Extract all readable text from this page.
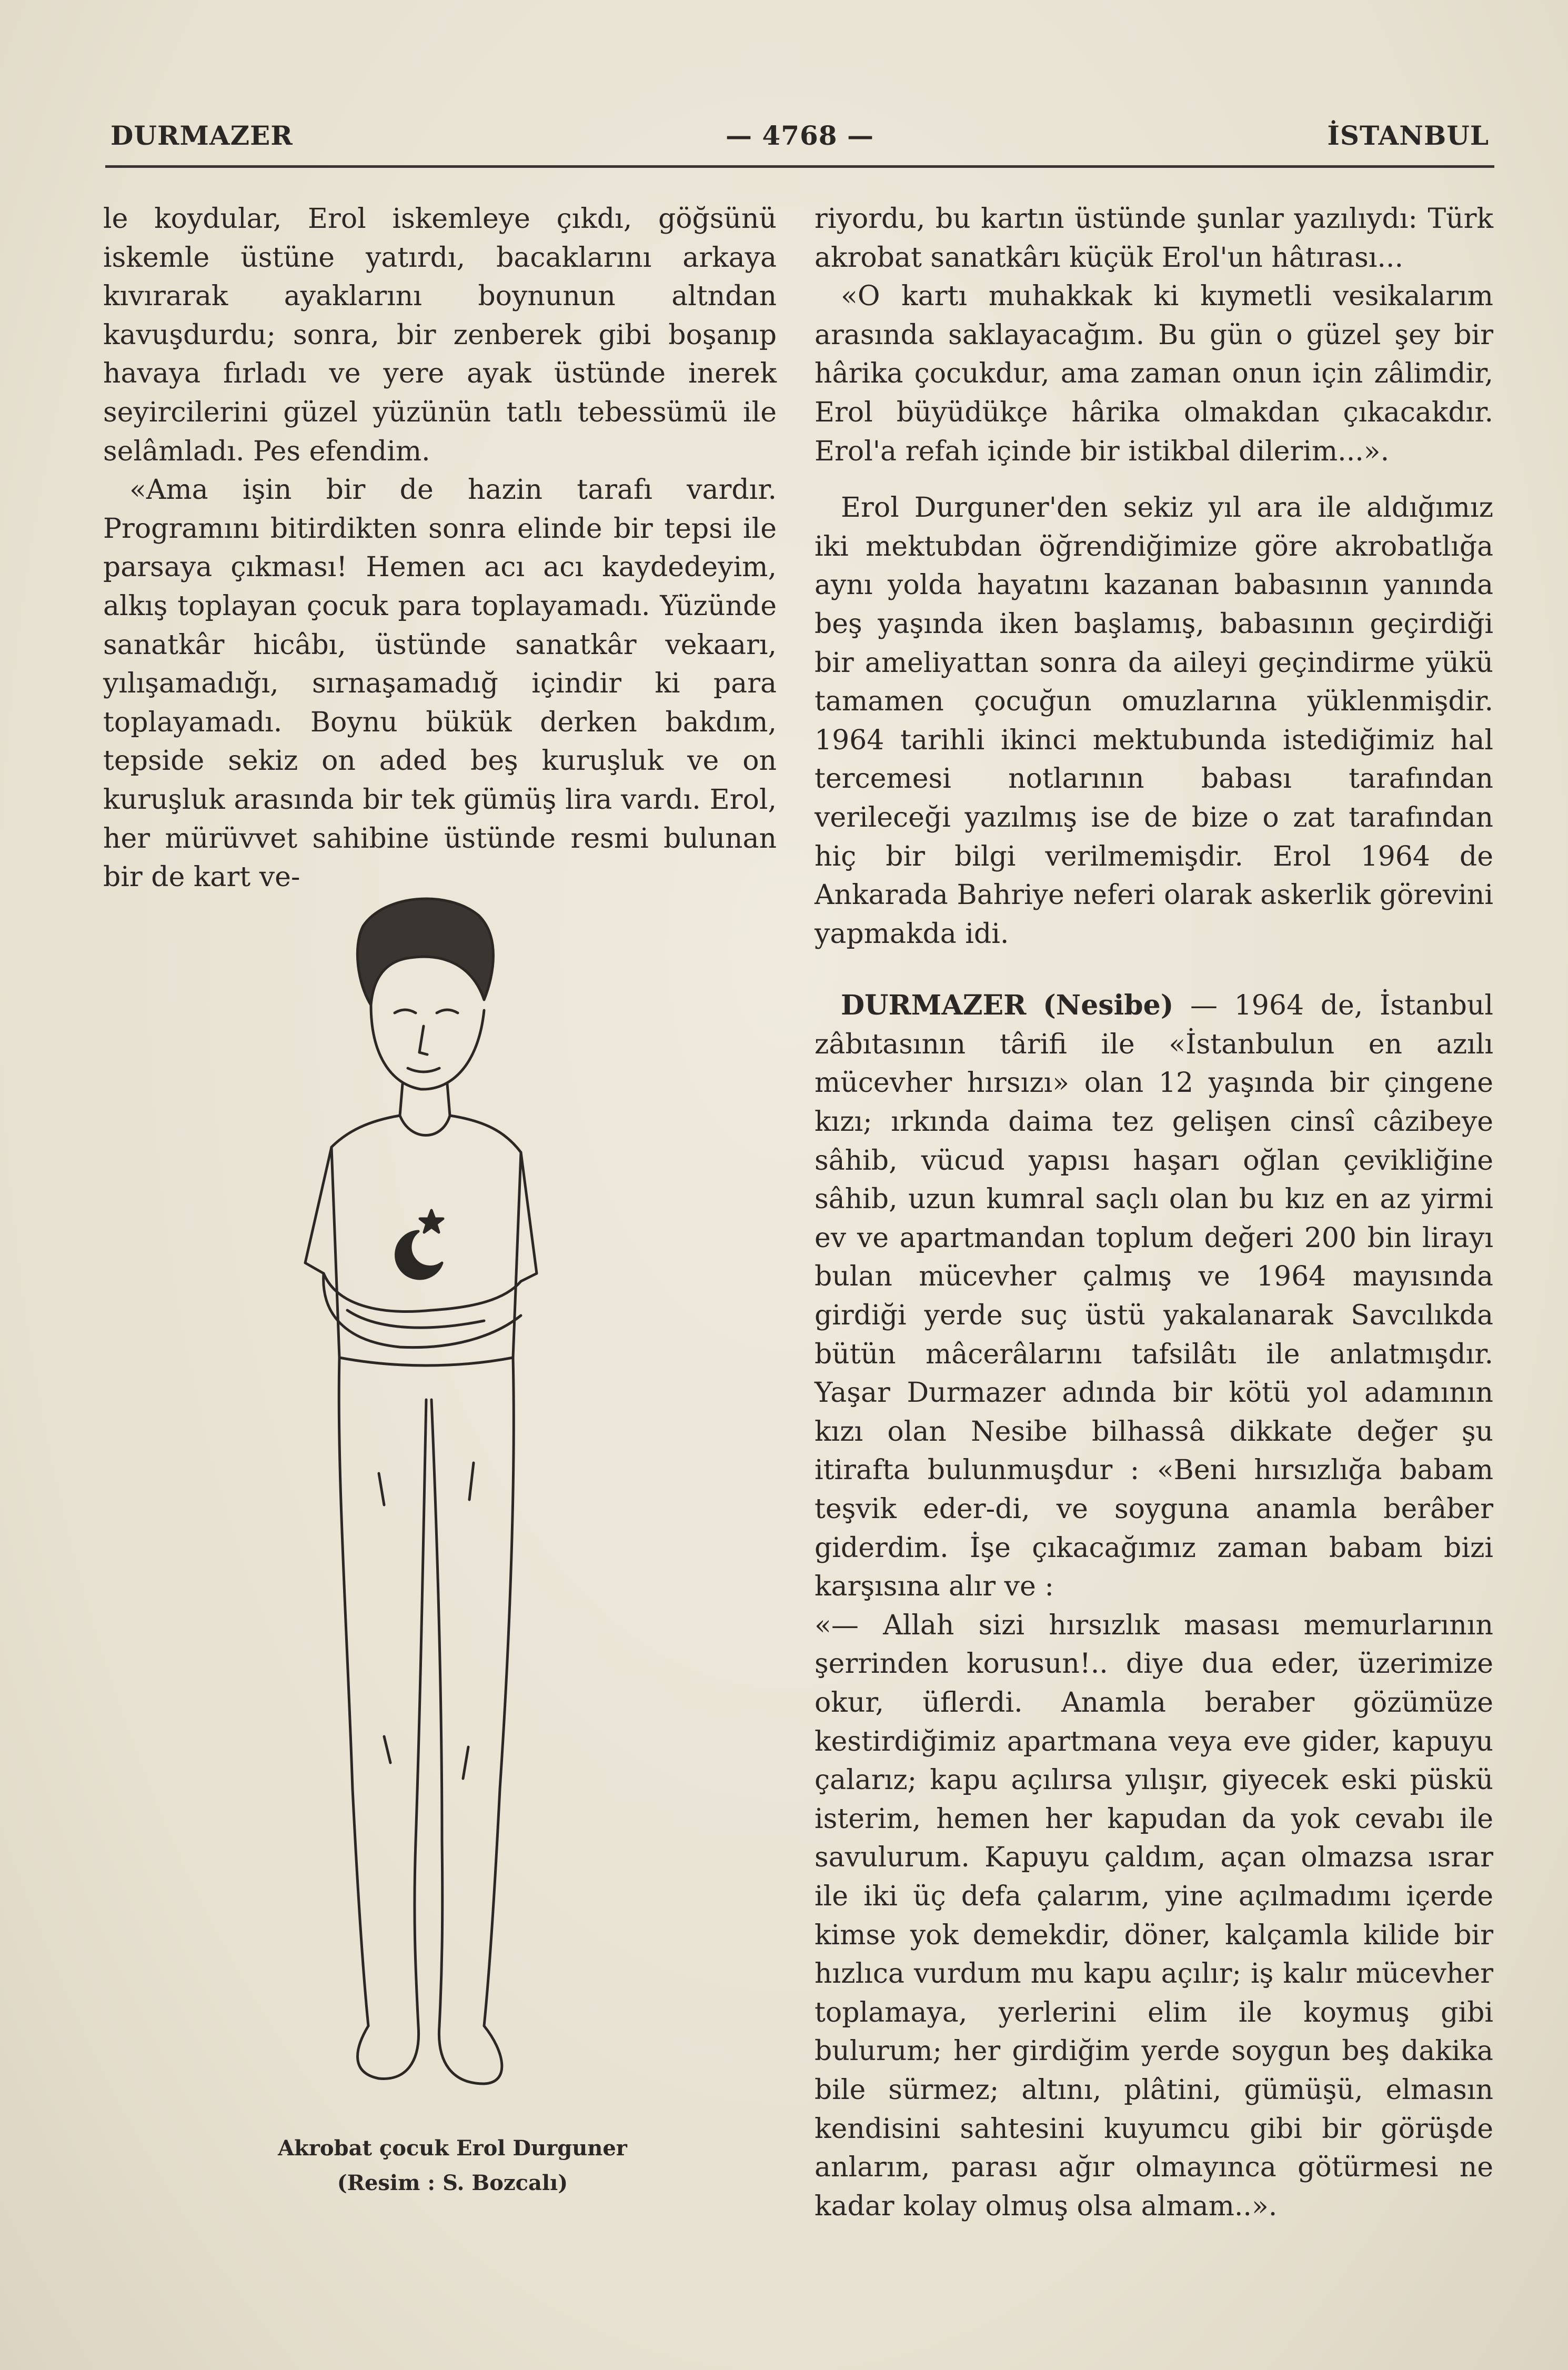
— 4768 —
DURMAZER	İSTANBUL

le koydular, Erol iskemleye çıkdı, göğsünü iskemle üstüne yatırdı, bacaklarını arkaya kıvırarak ayaklarını boynunun altndan kavuşdurdu; sonra, bir zenberek gibi boşanıp havaya fırladı ve yere ayak üstünde inerek seyircilerini güzel yüzünün tatlı tebessümü ile selâmladı. Pes efendim.

«Ama işin bir de hazin tarafı vardır. Programını bitirdikten sonra elinde bir tepsi ile parsaya çıkması! Hemen acı acı kaydedeyim, alkış toplayan çocuk para toplayamadı. Yüzünde sanatkâr hicâbı, üstünde sanatkâr vekaarı, yılışamadığı, sırnaşamadığ içindir ki para toplayamadı. Boynu bükük derken bakdım, tepside sekiz on aded beş kuruşluk ve on kuruşluk arasında bir tek gümüş lira vardı. Erol, her mürüvvet sahibine üstünde resmi bulunan bir de kart ve-

Akrobat çocuk Erol Durguner
(Resim : S. Bozcalı)

riyordu, bu kartın üstünde şunlar yazılıydı: Türk akrobat sanatkârı küçük Erol'un hâtırası...

«O kartı muhakkak ki kıymetli vesikalarım arasında saklayacağım. Bu gün o güzel şey bir hârika çocukdur, ama zaman onun için zâlimdir, Erol büyüdükçe hârika olmakdan çıkacakdır. Erol'a refah içinde bir istikbal dilerim...».

Erol Durguner'den sekiz yıl ara ile aldığımız iki mektubdan öğrendiğimize göre akrobatlığa aynı yolda hayatını kazanan babasının yanında beş yaşında iken başlamış, babasının geçirdiği bir ameliyattan sonra da aileyi geçindirme yükü tamamen çocuğun omuzlarına yüklenmişdir. 1964 tarihli ikinci mektubunda istediğimiz hal tercemesi notlarının babası tarafından verileceği yazılmış ise de bize o zat tarafından hiç bir bilgi verilmemişdir. Erol 1964 de Ankarada Bahriye neferi olarak askerlik görevini yapmakda idi.

DURMAZER (Nesibe) — 1964 de, İstanbul zâbıtasının târifi ile «İstanbulun en azılı mücevher hırsızı» olan 12 yaşında bir çingene kızı; ırkında daima tez gelişen cinsî câzibeye sâhib, vücud yapısı haşarı oğlan çevikliğine sâhib, uzun kumral saçlı olan bu kız en az yirmi ev ve apartmandan toplum değeri 200 bin lirayı bulan mücevher çalmış ve 1964 mayısında girdiği yerde suç üstü yakalanarak Savcılıkda bütün mâcerâlarını tafsilâtı ile anlatmışdır. Yaşar Durmazer adında bir kötü yol adamının kızı olan Nesibe bilhassâ dikkate değer şu itirafta bulunmuşdur : «Beni hırsızlığa babam teşvik eder-di, ve soyguna anamla berâber giderdim. İşe çıkacağımız zaman babam bizi karşısına alır ve :

«— Allah sizi hırsızlık masası memurlarının şerrinden korusun!.. diye dua eder, üzerimize okur, üflerdi. Anamla beraber gözümüze kestirdiğimiz apartmana veya eve gider, kapuyu çalarız; kapu açılırsa yılışır, giyecek eski püskü isterim, hemen her kapudan da yok cevabı ile savulurum. Kapuyu çaldım, açan olmazsa ısrar ile iki üç defa çalarım, yine açılmadımı içerde kimse yok demekdir, döner, kalçamla kilide bir hızlıca vurdum mu kapu açılır; iş kalır mücevher toplamaya, yerlerini elim ile koymuş gibi bulurum; her girdiğim yerde soygun beş dakika bile sürmez; altını, plâtini, gümüşü, elmasın kendisini sahtesini kuyumcu gibi bir görüşde anlarım, parası ağır olmayınca götürmesi ne kadar kolay olmuş olsa almam..».
